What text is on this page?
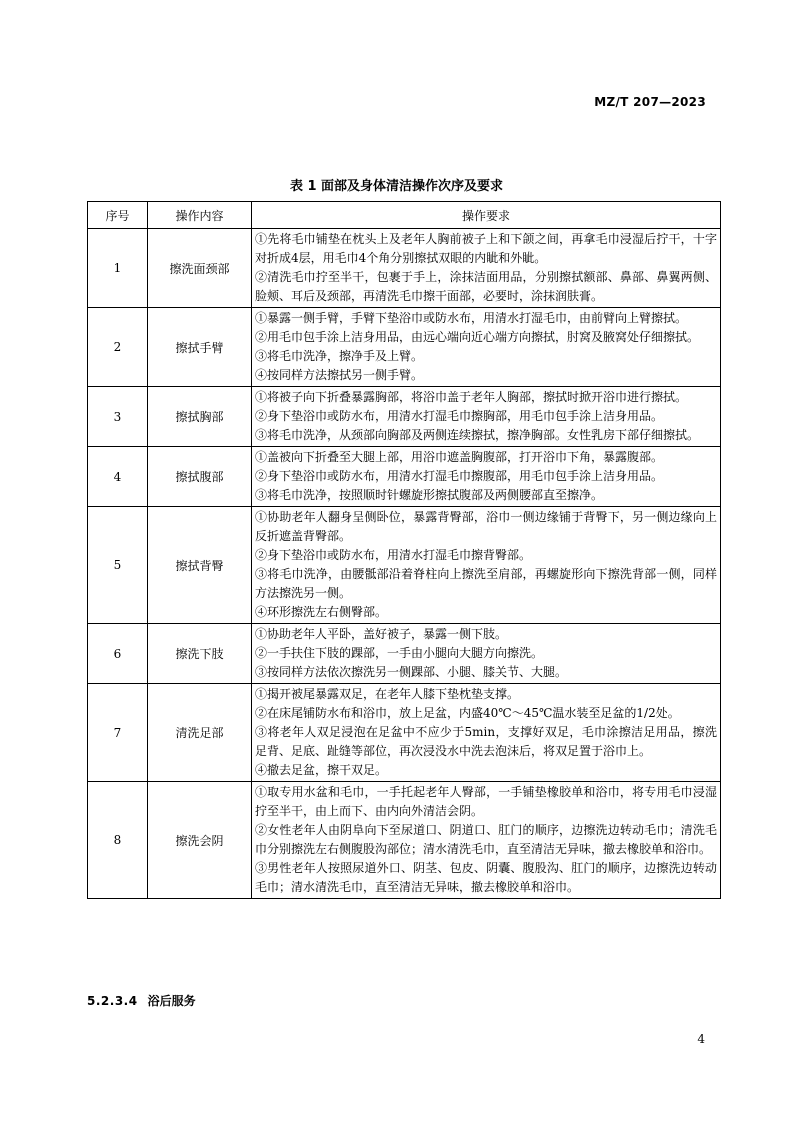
MZ/T 207—2023
表 1 面部及身体清洁操作次序及要求
序号	操作内容	操作要求
1	擦洗面颈部	①先将毛巾铺垫在枕头上及老年人胸前被子上和下颌之间，再拿毛巾浸湿后拧干，十字对折成4层，用毛巾4个角分别擦拭双眼的内眦和外眦。
②清洗毛巾拧至半干，包裹于手上，涂抹洁面用品，分别擦拭额部、鼻部、鼻翼两侧、脸颊、耳后及颈部，再清洗毛巾擦干面部，必要时，涂抹润肤膏。

2	擦拭手臂	①暴露一侧手臂，手臂下垫浴巾或防水布，用清水打湿毛巾，由前臂向上臂擦拭。
②用毛巾包手涂上洁身用品，由远心端向近心端方向擦拭，肘窝及腋窝处仔细擦拭。
③将毛巾洗净，擦净手及上臂。
④按同样方法擦拭另一侧手臂。

3	擦拭胸部	①将被子向下折叠暴露胸部，将浴巾盖于老年人胸部，擦拭时掀开浴巾进行擦拭。
②身下垫浴巾或防水布，用清水打湿毛巾擦胸部，用毛巾包手涂上洁身用品。
③将毛巾洗净，从颈部向胸部及两侧连续擦拭，擦净胸部。女性乳房下部仔细擦拭。

4	擦拭腹部	①盖被向下折叠至大腿上部，用浴巾遮盖胸腹部，打开浴巾下角，暴露腹部。
②身下垫浴巾或防水布，用清水打湿毛巾擦腹部，用毛巾包手涂上洁身用品。
③将毛巾洗净，按照顺时针螺旋形擦拭腹部及两侧腰部直至擦净。

5	擦拭背臀	①协助老年人翻身呈侧卧位，暴露背臀部，浴巾一侧边缘铺于背臀下，另一侧边缘向上反折遮盖背臀部。
②身下垫浴巾或防水布，用清水打湿毛巾擦背臀部。
③将毛巾洗净，由腰骶部沿着脊柱向上擦洗至肩部，再螺旋形向下擦洗背部一侧，同样方法擦洗另一侧。
④环形擦洗左右侧臀部。

6	擦洗下肢	①协助老年人平卧，盖好被子，暴露一侧下肢。
②一手扶住下肢的踝部，一手由小腿向大腿方向擦洗。
③按同样方法依次擦洗另一侧踝部、小腿、膝关节、大腿。

7	清洗足部	①揭开被尾暴露双足，在老年人膝下垫枕垫支撑。
②在床尾铺防水布和浴巾，放上足盆，内盛40℃～45℃温水装至足盆的1/2处。
③将老年人双足浸泡在足盆中不应少于5min，支撑好双足，毛巾涂擦洁足用品，擦洗足背、足底、趾缝等部位，再次浸没水中洗去泡沫后，将双足置于浴巾上。
④撤去足盆，擦干双足。

8	擦洗会阴	①取专用水盆和毛巾，一手托起老年人臀部，一手铺垫橡胶单和浴巾，将专用毛巾浸湿拧至半干，由上而下、由内向外清洁会阴。
②女性老年人由阴阜向下至尿道口、阴道口、肛门的顺序，边擦洗边转动毛巾；清洗毛巾分别擦洗左右侧腹股沟部位；清水清洗毛巾，直至清洁无异味，撤去橡胶单和浴巾。
③男性老年人按照尿道外口、阴茎、包皮、阴囊、腹股沟、肛门的顺序，边擦洗边转动毛巾；清水清洗毛巾，直至清洁无异味，撤去橡胶单和浴巾。
5.2.3.4 浴后服务
4
